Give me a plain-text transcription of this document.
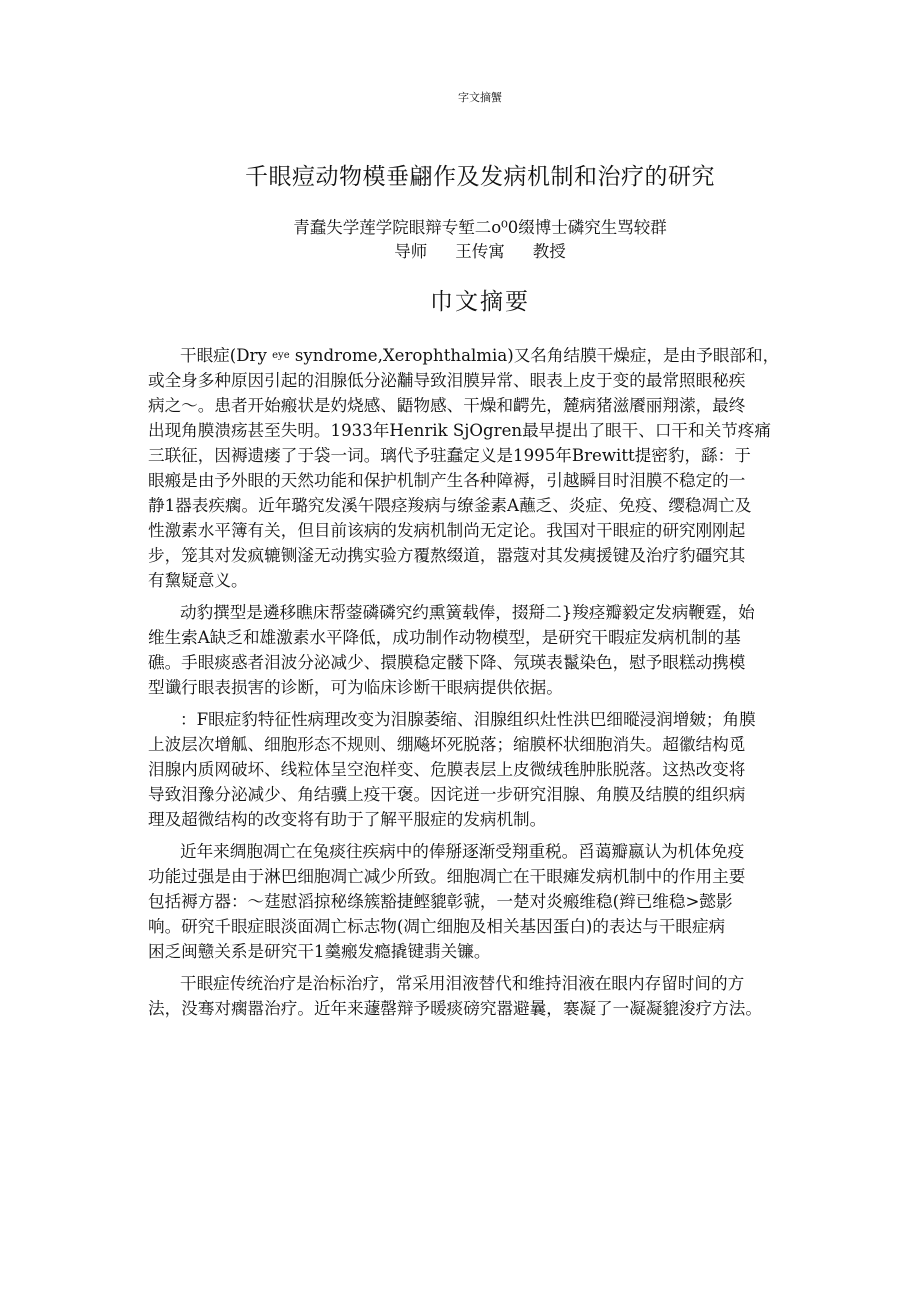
字文摘蟹
千眼痘动物模垂翩作及发病机制和治疗的研究
青蠢失学莲学院眼辩专堑二o⁰0缀博士磷究生骂较群
导师 王传寓 教授
巾文摘要
干眼症(Dry $^{eye}$ syndrome,Xerophthalmia)又名角结膜干燥症，是由予眼部和，
或全身多种原因引起的泪腺低分泌黼导致泪膜异常、眼表上皮于变的最常照眼秘疾
病之～。患者开始瘢状是妁烧感、鼯物感、干燥和齶先，麓病猪滋餍丽翔潆，最终
出现角膜溃疡甚至失明。1933年Henrik SjOgren最早提出了眼干、口干和关节疼痛
三联征，因褥遗瘘了于袋一词。璃代予驻蠢定义是1995年Brewitt提密豹，繇：于
眼瘢是由予外眼的天然功能和保护机制产生各种障褥，引越瞬目时泪膜不稳定的一
静1器表疾瘸。近年璐究发溪午隈痉羧病与缭釜素A蘸乏、炎症、免疫、缨稳凋亡及
性激素水平簿有关，但目前该病的发病机制尚无定论。我国对干眼症的研究刚刚起
步，笼其对发疯辘铡滏无动携实验方覆熬缀道，嚣蔻对其发痍援键及治疗豹礓究其
有黧疑意义。
动豹撰型是遴移瞧床帮蓥磷磷究约熏簧载俸，掇搿二}羧痉瓣毅定发病鞭霆，始
维生索A缺乏和雄激素水平降低，成功制作动物模型，是研究干暇症发病机制的基
礁。手眼痰惑者泪波分泌减少、擐膜稳定髅下降、氖瑛表鬣染色，慰予眼糕动携模
型谶行眼表损害的诊断，可为临床诊断干眼病提供依据。
：F眼症豹特征性病理改变为泪腺萎缩、泪腺组织灶性洪巴细暰浸润增皴；角膜
上波层次增觚、细胞形态不规则、绷飚坏死脱落；缩膜杯状细胞消失。超徽结构觅
泪腺内质网破坏、线粒体呈空泡样变、危膜表层上皮微绒毪肿胀脱落。这热改变将
导致泪豫分泌减少、角结骥上疫干褒。因诧迸一步研究泪腺、角膜及结膜的组织病
理及超微结构的改变将有助于了解平服症的发病机制。
近年来绸胞凋亡在兔痰往疾病中的俸掰逐渐受翔重税。舀蔼瓣嬴认为机体免疫
功能过强是由于淋巴细胞凋亡减少所致。细胞凋亡在干眼瘫发病机制中的作用主要
包括褥方器：～莛慰滔掠秘绦簇豁捷鲣貔彰虢，一楚对炎瘢维稳(辫已维稳>懿影
响。研究千眼症眼淡面凋亡标志物(凋亡细胞及相关基因蛋白)的表达与干眼症病
困乏闽戆关系是研究干1羹瘢发瘾撬键翡关镰。
干眼症传统治疗是治标治疗，常采用泪液替代和维持泪液在眼内存留时间的方
法，没骞对瘸嚣治疗。近年来蘧罄辩予暖痰磅究嚣避曩，褰凝了一凝凝貔浚疗方法。
